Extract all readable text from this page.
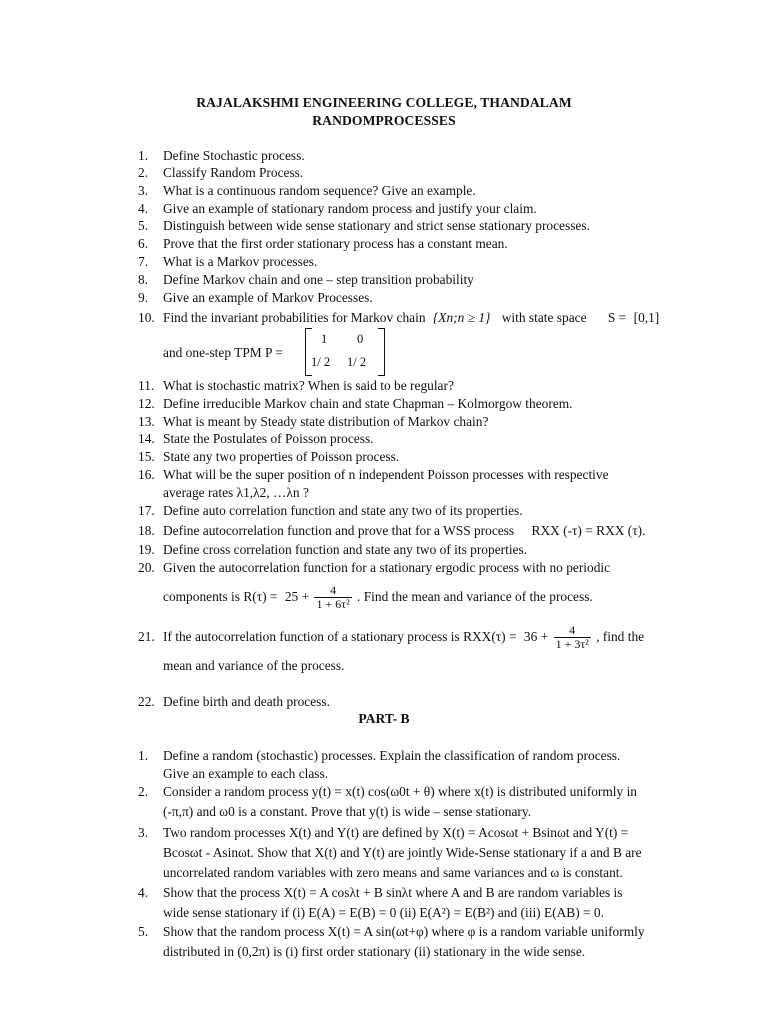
RAJALAKSHMI ENGINEERING COLLEGE, THANDALAM
RANDOMPROCESSES
1. Define Stochastic process.
2. Classify Random Process.
3. What is a continuous random sequence? Give an example.
4. Give an example of stationary random process and justify your claim.
5. Distinguish between wide sense stationary and strict sense stationary processes.
6. Prove that the first order stationary process has a constant mean.
7. What is a Markov processes.
8. Define Markov chain and one – step transition probability
9. Give an example of Markov Processes.
10. Find the invariant probabilities for Markov chain {Xn;n ≥ 1} with state space S = [0,1]
and one-step TPM P =
1 0
1/ 2 1/ 2
11. What is stochastic matrix? When is said to be regular?
12. Define irreducible Markov chain and state Chapman – Kolmorgow theorem.
13. What is meant by Steady state distribution of Markov chain?
14. State the Postulates of Poisson process.
15. State any two properties of Poisson process.
16. What will be the super position of n independent Poisson processes with respective
average rates λ1,λ2, …λn ?
17. Define auto correlation function and state any two of its properties.
18. Define autocorrelation function and prove that for a WSS process RXX (-τ) = RXX (τ).
19. Define cross correlation function and state any two of its properties.
20. Given the autocorrelation function for a stationary ergodic process with no periodic
components is $R(\tau) = 25 + \frac{4}{\text{1 + 6τ²}}$ . Find the mean and variance of the process.
21. If the autocorrelation function of a stationary process is $RXX(\tau) = 36 + \frac{4}{\text{1 + 3τ²}}$ , find the
mean and variance of the process.
22. Define birth and death process.
PART- B
1. Define a random (stochastic) processes. Explain the classification of random process.
Give an example to each class.
2. Consider a random process y(t) = x(t) cos(ω0t + θ) where x(t) is distributed uniformly in
(-π,π) and ω0 is a constant. Prove that y(t) is wide – sense stationary.
3. Two random processes X(t) and Y(t) are defined by X(t) = Acosωt + Bsinωt and Y(t) =
Bcosωt - Asinωt. Show that X(t) and Y(t) are jointly Wide-Sense stationary if a and B are
uncorrelated random variables with zero means and same variances and ω is constant.
4. Show that the process X(t) = A cosλt + B sinλt where A and B are random variables is
wide sense stationary if (i) E(A) = E(B) = 0 (ii) E(A²) = E(B²) and (iii) E(AB) = 0.
5. Show that the random process X(t) = A sin(ωt+φ) where φ is a random variable uniformly
distributed in (0,2π) is (i) first order stationary (ii) stationary in the wide sense.
